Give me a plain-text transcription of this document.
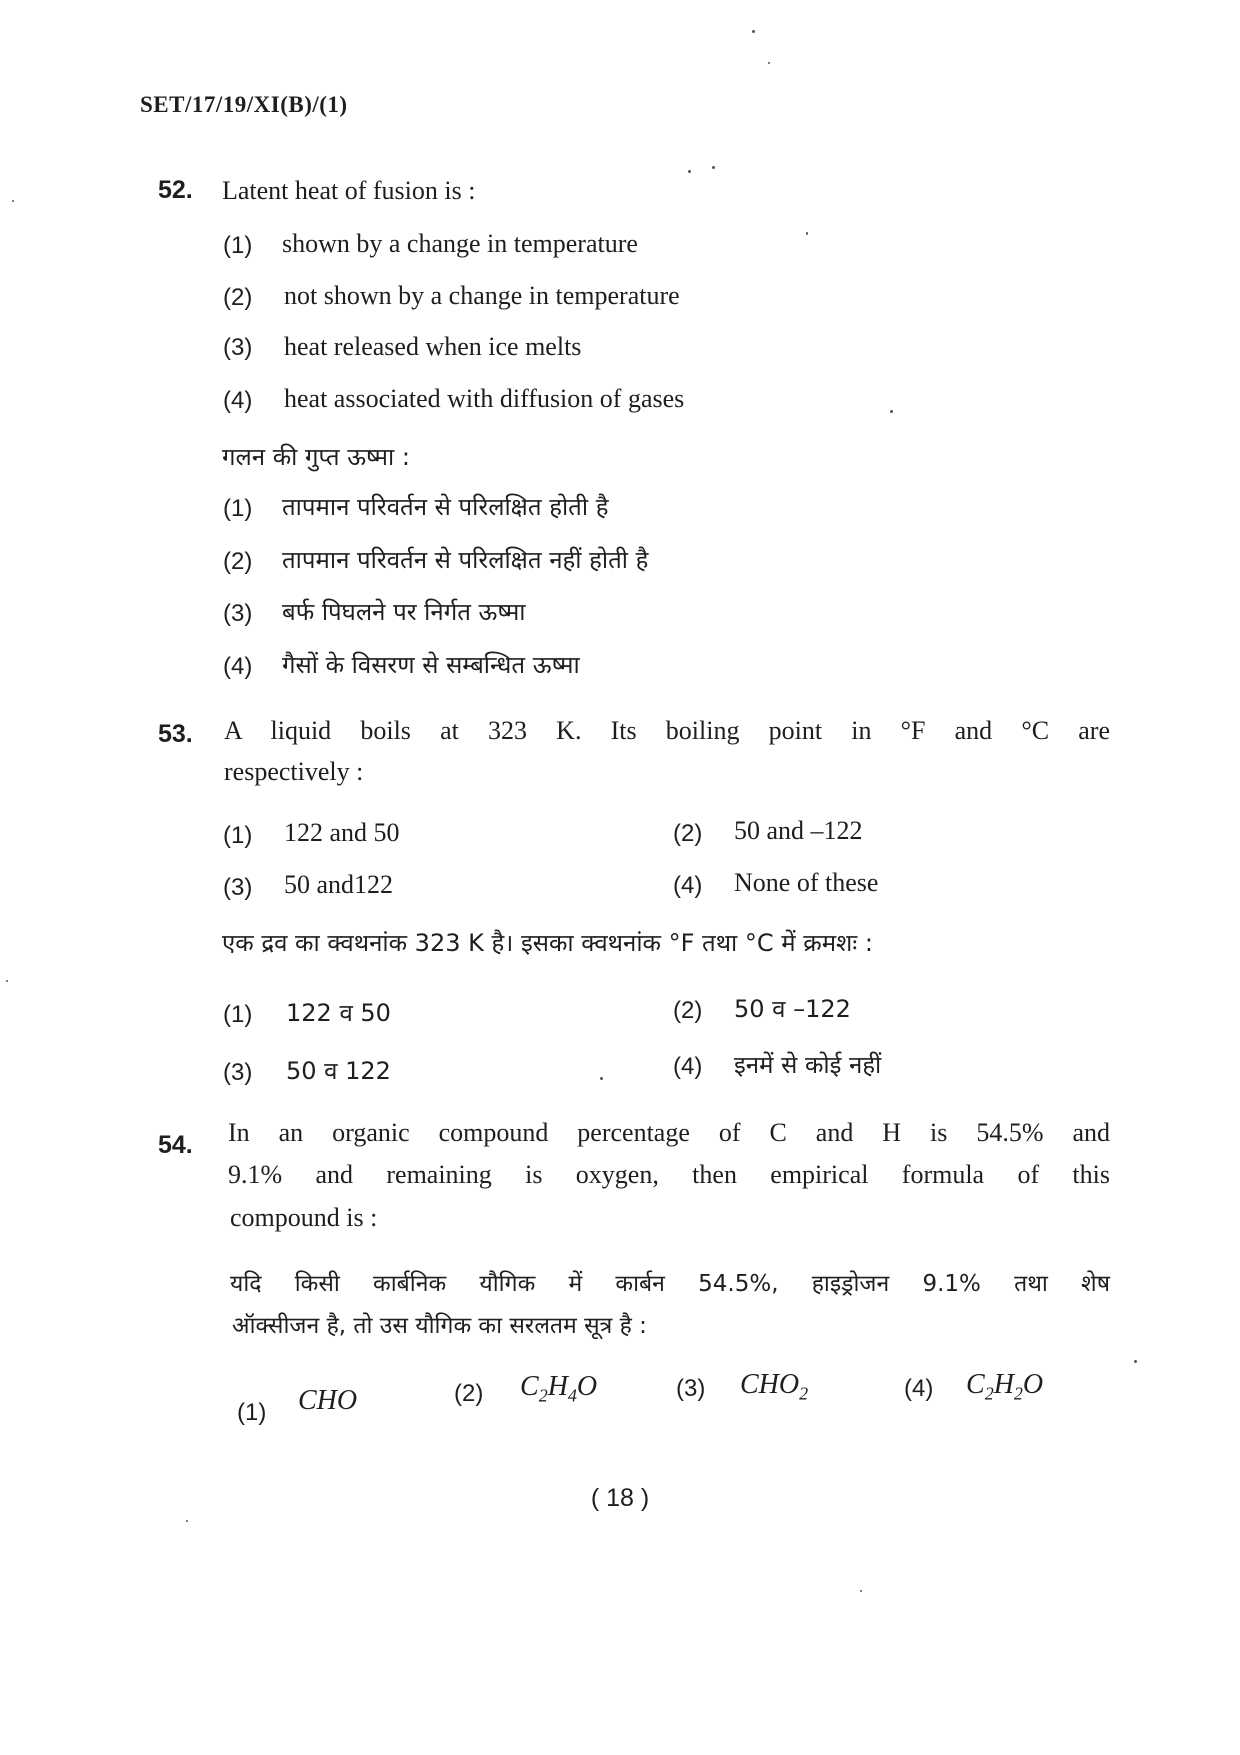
SET/17/19/XI(B)/(1)
52. Latent heat of fusion is :
(1) shown by a change in temperature
(2) not shown by a change in temperature
(3) heat released when ice melts
(4) heat associated with diffusion of gases
गलन की गुप्त ऊष्मा :
(1) तापमान परिवर्तन से परिलक्षित होती है
(2) तापमान परिवर्तन से परिलक्षित नहीं होती है
(3) बर्फ पिघलने पर निर्गत ऊष्मा
(4) गैसों के विसरण से सम्बन्धित ऊष्मा
53. A liquid boils at 323 K. Its boiling point in °F and °C are
respectively :
(1) 122 and 50	(2) 50 and –122
(3) 50 and122	(4) None of these
एक द्रव का क्वथनांक 323 K है। इसका क्वथनांक °F तथा °C में क्रमशः :
(1) 122 व 50	(2) 50 व –122
(3) 50 व 122	(4) इनमें से कोई नहीं
54. In an organic compound percentage of C and H is 54.5% and
9.1% and remaining is oxygen, then empirical formula of this
compound is :
यदि किसी कार्बनिक यौगिक में कार्बन 54.5%, हाइड्रोजन 9.1% तथा शेष
ऑक्सीजन है, तो उस यौगिक का सरलतम सूत्र है :
(1) CHO	(2) $C_2H_4O$	(3) $CHO_2$	(4) $C_2H_2O$
( 18 )
